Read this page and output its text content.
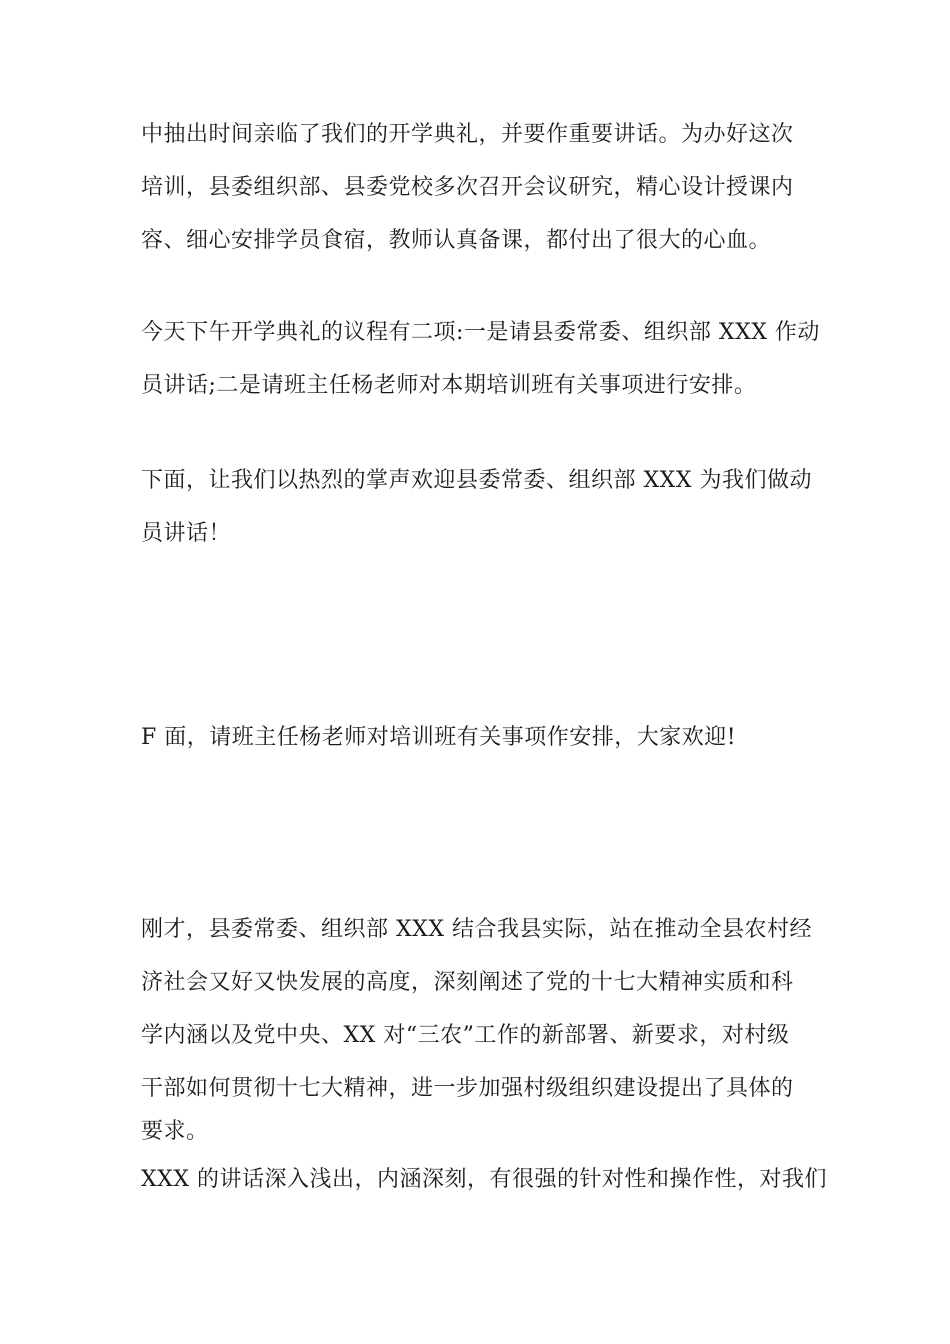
中抽出时间亲临了我们的开学典礼，并要作重要讲话。为办好这次
培训，县委组织部、县委党校多次召开会议研究，精心设计授课内
容、细心安排学员食宿，教师认真备课，都付出了很大的心血。
今天下午开学典礼的议程有二项:一是请县委常委、组织部 XXX 作动
员讲话;二是请班主任杨老师对本期培训班有关事项进行安排。
下面，让我们以热烈的掌声欢迎县委常委、组织部 XXX 为我们做动
员讲话！
F 面，请班主任杨老师对培训班有关事项作安排，大家欢迎!
刚才，县委常委、组织部 XXX 结合我县实际，站在推动全县农村经
济社会又好又快发展的高度，深刻阐述了党的十七大精神实质和科
学内涵以及党中央、XX 对“三农”工作的新部署、新要求，对村级
干部如何贯彻十七大精神，进一步加强村级组织建设提出了具体的
要求。
XXX 的讲话深入浅出，内涵深刻，有很强的针对性和操作性，对我们
